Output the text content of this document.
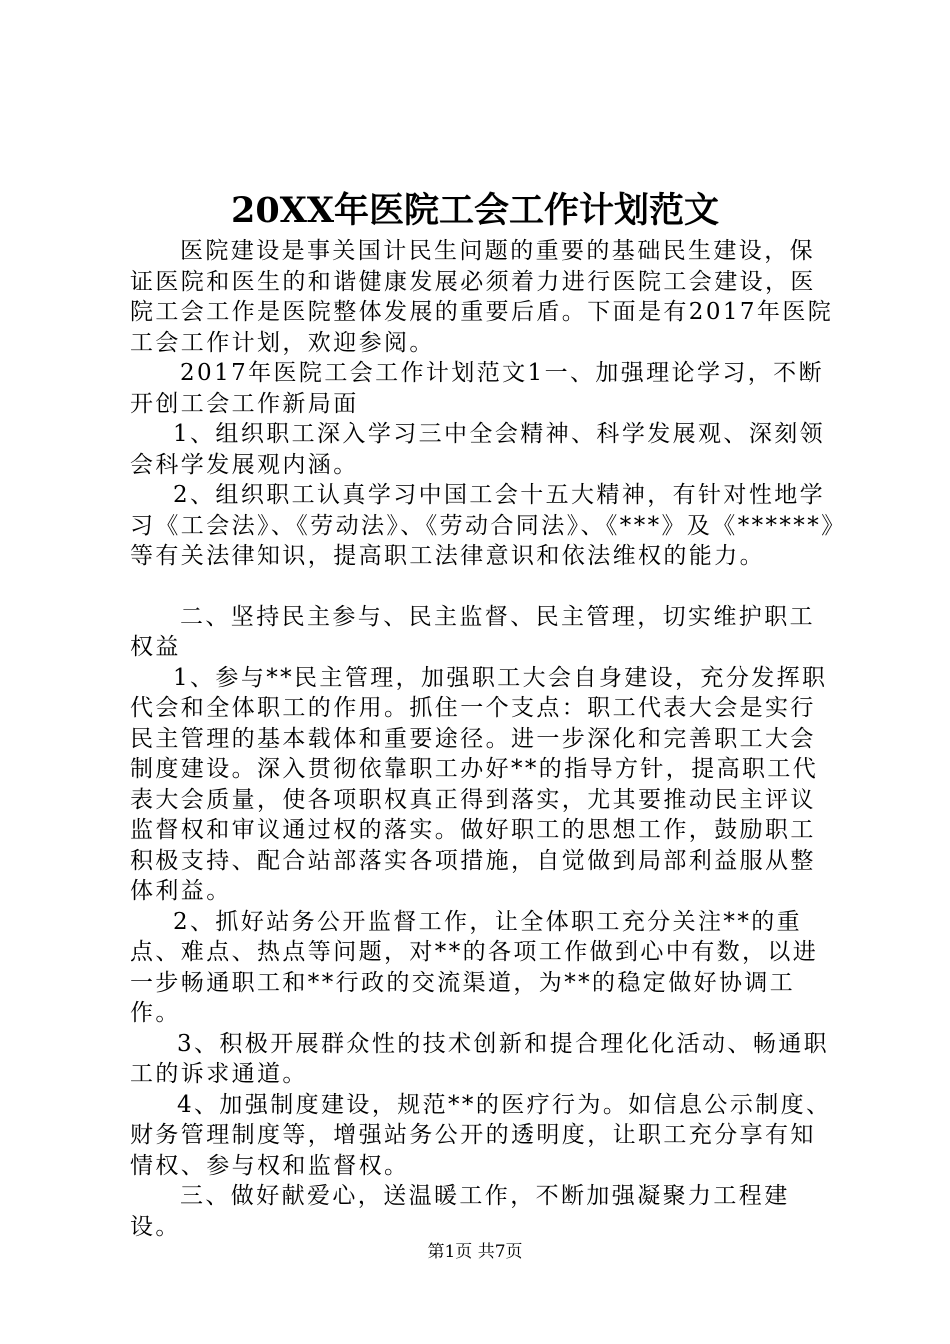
20XX年医院工会工作计划范文

医院建设是事关国计民生问题的重要的基础民生建设，保证医院和医生的和谐健康发展必须着力进行医院工会建设，医院工会工作是医院整体发展的重要后盾。下面是有2017年医院工会工作计划，欢迎参阅。

2017年医院工会工作计划范文1一、加强理论学习，不断开创工会工作新局面

1、组织职工深入学习三中全会精神、科学发展观、深刻领会科学发展观内涵。

2、组织职工认真学习中国工会十五大精神，有针对性地学习《工会法》、《劳动法》、《劳动合同法》、《***》及《******》等有关法律知识，提高职工法律意识和依法维权的能力。

二、坚持民主参与、民主监督、民主管理，切实维护职工权益

1、参与**民主管理，加强职工大会自身建设，充分发挥职代会和全体职工的作用。抓住一个支点：职工代表大会是实行民主管理的基本载体和重要途径。进一步深化和完善职工大会制度建设。深入贯彻依靠职工办好**的指导方针，提高职工代表大会质量，使各项职权真正得到落实，尤其要推动民主评议监督权和审议通过权的落实。做好职工的思想工作，鼓励职工积极支持、配合站部落实各项措施，自觉做到局部利益服从整体利益。

2、抓好站务公开监督工作，让全体职工充分关注**的重点、难点、热点等问题，对**的各项工作做到心中有数，以进一步畅通职工和**行政的交流渠道，为**的稳定做好协调工作。

3、积极开展群众性的技术创新和提合理化化活动、畅通职工的诉求通道。

4、加强制度建设，规范**的医疗行为。如信息公示制度、财务管理制度等，增强站务公开的透明度，让职工充分享有知情权、参与权和监督权。

三、做好献爱心，送温暖工作，不断加强凝聚力工程建设。

第1页 共7页
